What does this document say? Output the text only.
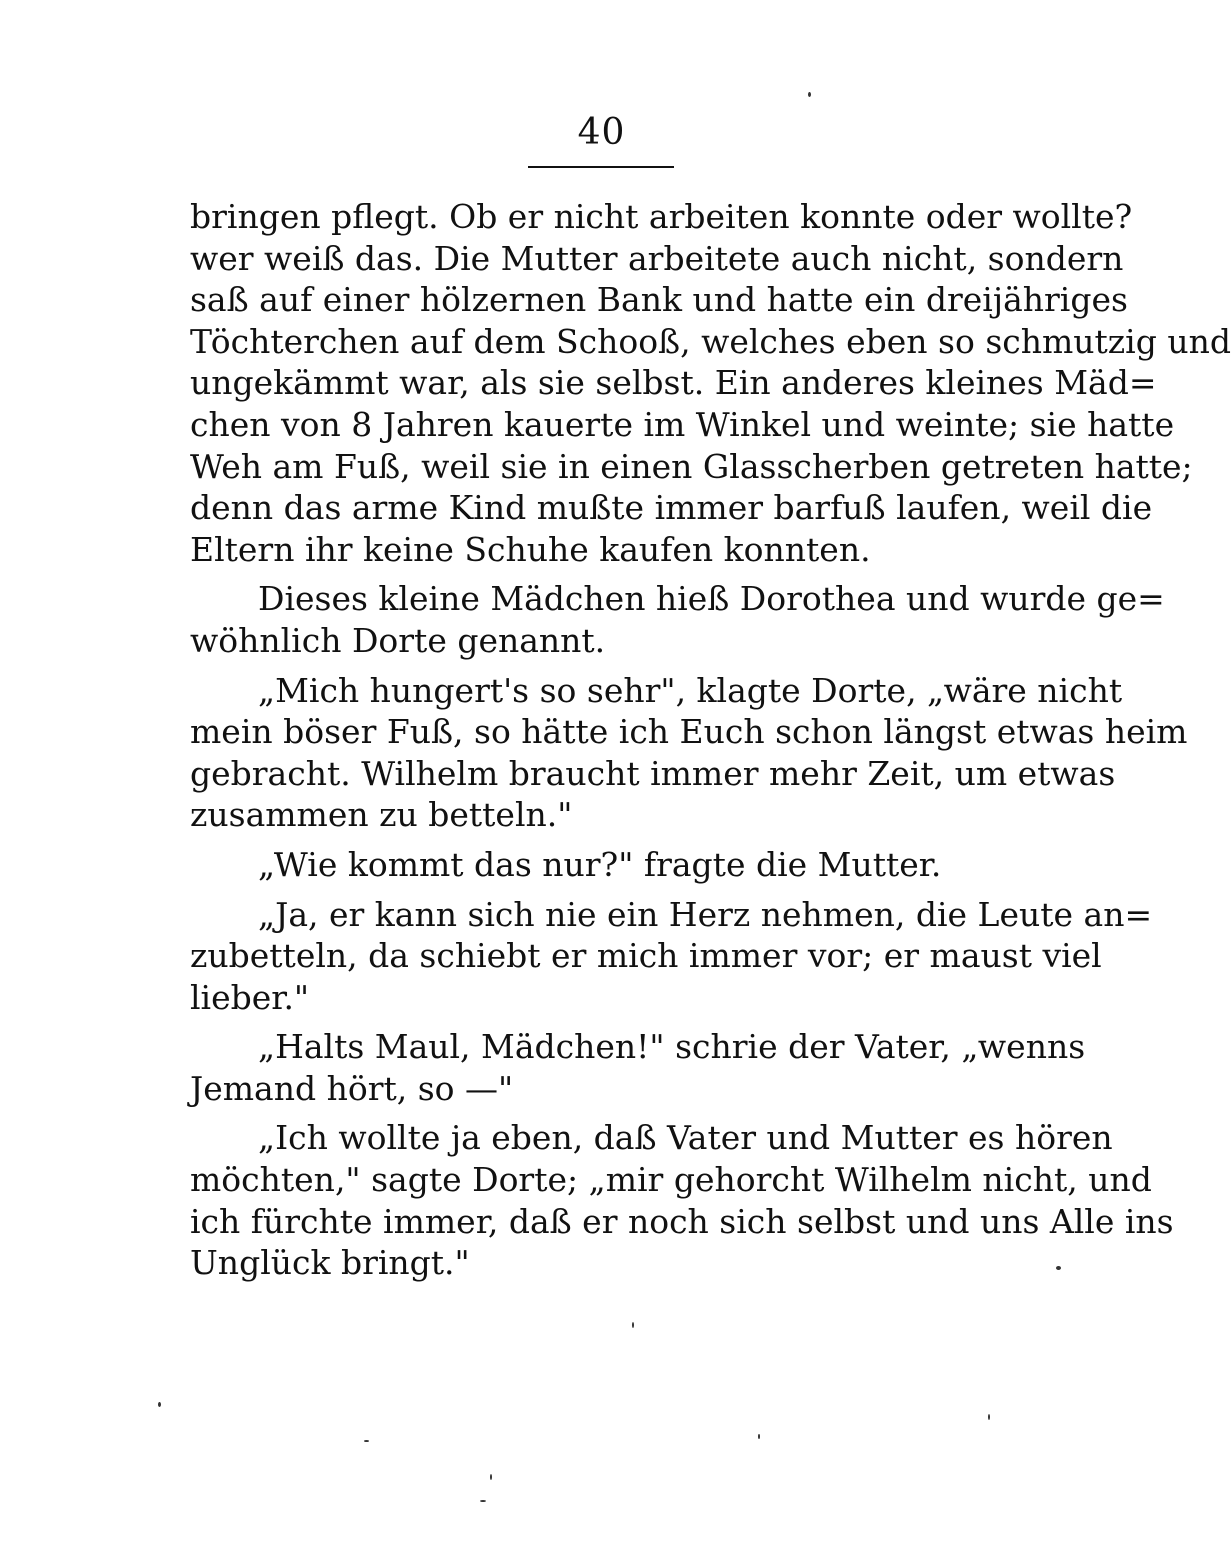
40
bringen pflegt. Ob er nicht arbeiten konnte oder wollte?
wer weiß das. Die Mutter arbeitete auch nicht, sondern
saß auf einer hölzernen Bank und hatte ein dreijähriges
Töchterchen auf dem Schooß, welches eben so schmutzig und
ungekämmt war, als sie selbst. Ein anderes kleines Mäd=
chen von 8 Jahren kauerte im Winkel und weinte; sie hatte
Weh am Fuß, weil sie in einen Glasscherben getreten hatte;
denn das arme Kind mußte immer barfuß laufen, weil die
Eltern ihr keine Schuhe kaufen konnten.
Dieses kleine Mädchen hieß Dorothea und wurde ge=
wöhnlich Dorte genannt.
„Mich hungert's so sehr", klagte Dorte, „wäre nicht
mein böser Fuß, so hätte ich Euch schon längst etwas heim
gebracht. Wilhelm braucht immer mehr Zeit, um etwas
zusammen zu betteln."
„Wie kommt das nur?" fragte die Mutter.
„Ja, er kann sich nie ein Herz nehmen, die Leute an=
zubetteln, da schiebt er mich immer vor; er maust viel
lieber."
„Halts Maul, Mädchen!" schrie der Vater, „wenns
Jemand hört, so —"
„Ich wollte ja eben, daß Vater und Mutter es hören
möchten," sagte Dorte; „mir gehorcht Wilhelm nicht, und
ich fürchte immer, daß er noch sich selbst und uns Alle ins
Unglück bringt."
